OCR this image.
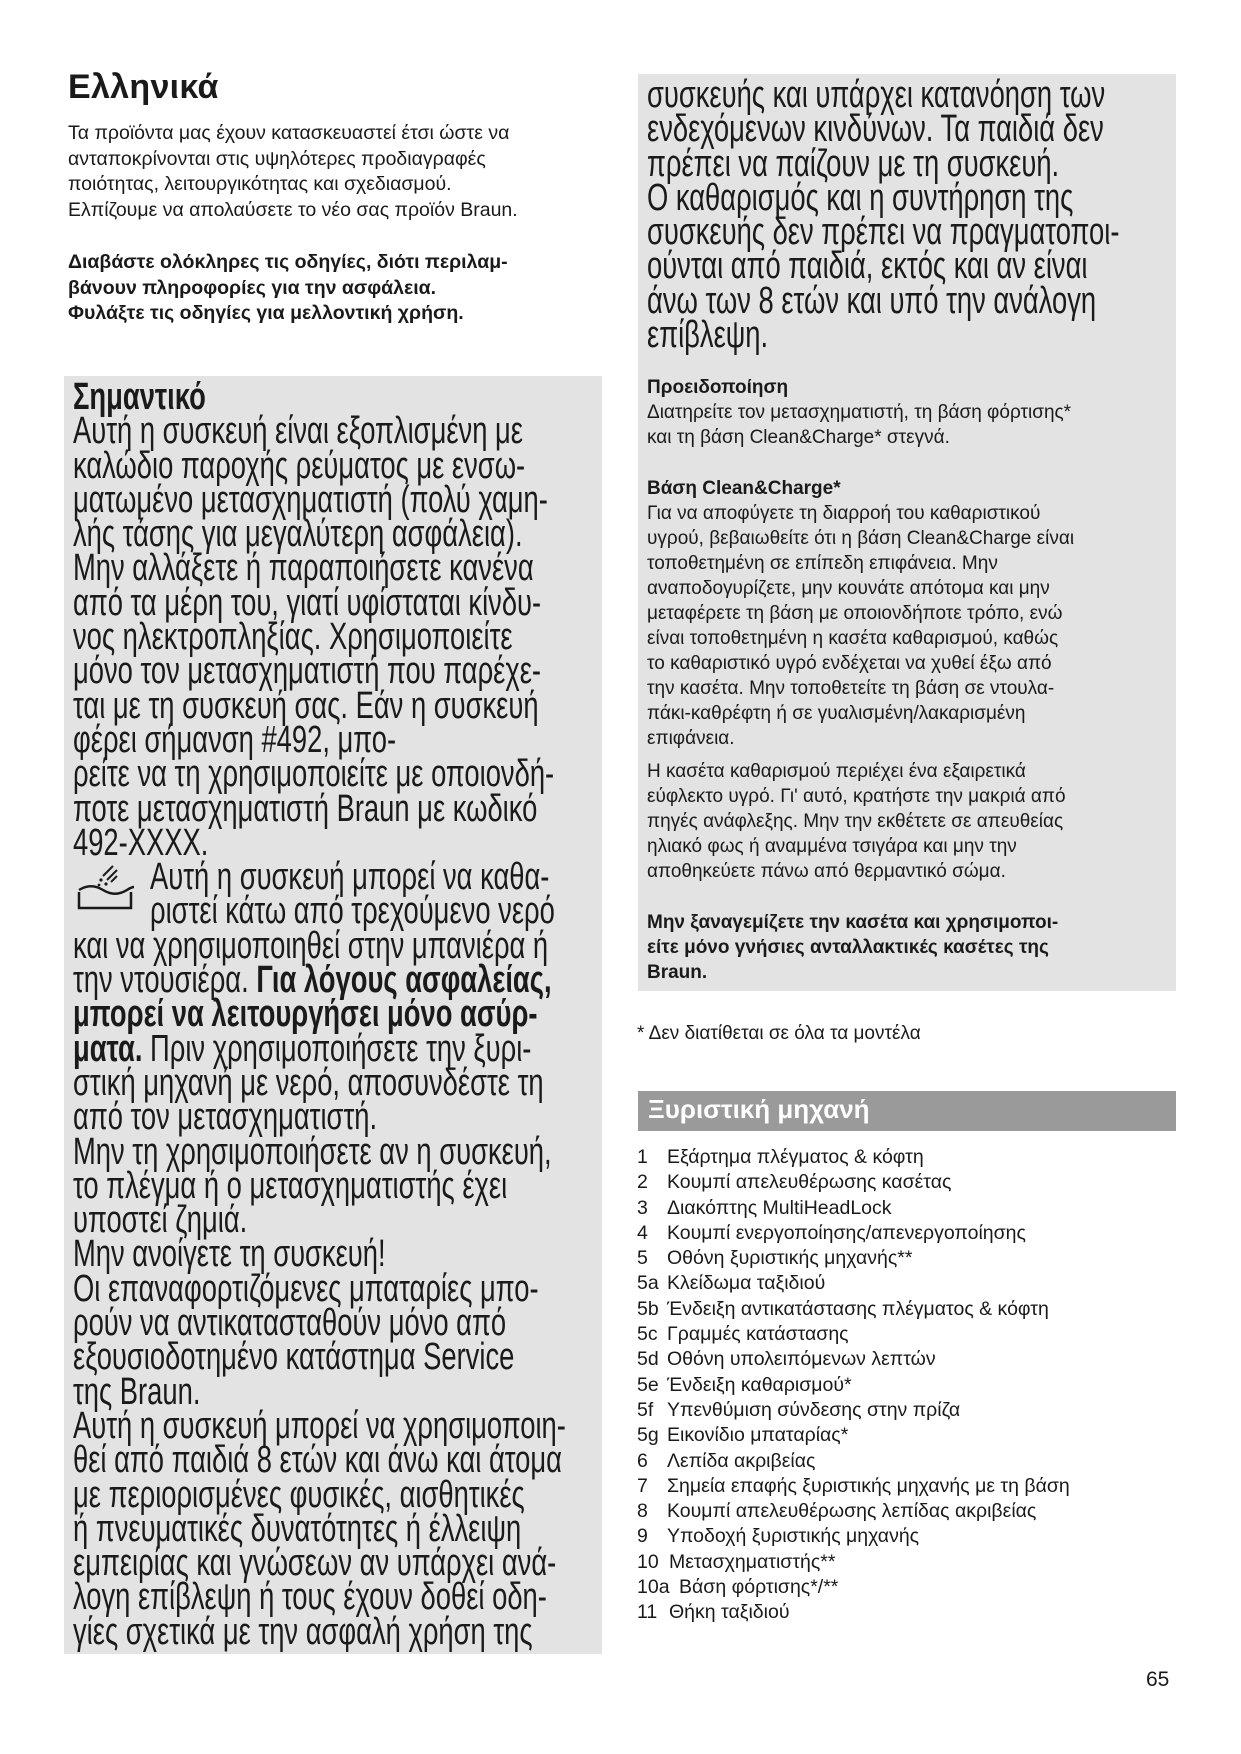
Ελληνικά
Τα προϊόντα μας έχουν κατασκευαστεί έτσι ώστε να
ανταποκρίνονται στις υψηλότερες προδιαγραφές
ποιότητας, λειτουργικότητας και σχεδιασμού.
Ελπίζουμε να απολαύσετε το νέο σας προϊόν Braun.
Διαβάστε ολόκληρες τις οδηγίες, διότι περιλαμ-
βάνουν πληροφορίες για την ασφάλεια.
Φυλάξτε τις οδηγίες για μελλοντική χρήση.

Σημαντικό

Αυτή η συσκευή είναι εξοπλισμένη με

καλώδιο παροχής ρεύματος με ενσω-

ματωμένο μετασχηματιστή (πολύ χαμη-

λής τάσης για μεγαλύτερη ασφάλεια).

Μην αλλάξετε ή παραποιήσετε κανένα

από τα μέρη του, γιατί υφίσταται κίνδυ-

νος ηλεκτροπληξίας. Χρησιμοποιείτε

μόνο τον μετασχηματιστή που παρέχε-

ται με τη συσκευή σας. Εάν η συσκευή

φέρει σήμανση #492, μπο-

ρείτε να τη χρησιμοποιείτε με οποιονδή-

ποτε μετασχηματιστή Braun με κωδικό

492-XXXX.

Αυτή η συσκευή μπορεί να καθα-

ριστεί κάτω από τρεχούμενο νερό

και να χρησιμοποιηθεί στην μπανιέρα ή

την ντουσιέρα. Για λόγους ασφαλείας,

μπορεί να λειτουργήσει μόνο ασύρ-

ματα. Πριν χρησιμοποιήσετε την ξυρι-

στική μηχανή με νερό, αποσυνδέστε τη

από τον μετασχηματιστή.

Μην τη χρησιμοποιήσετε αν η συσκευή,

το πλέγμα ή ο μετασχηματιστής έχει

υποστεί ζημιά.

Μην ανοίγετε τη συσκευή!

Οι επαναφορτιζόμενες μπαταρίες μπο-

ρούν να αντικατασταθούν μόνο από

εξουσιοδοτημένο κατάστημα Service

της Braun.

Αυτή η συσκευή μπορεί να χρησιμοποιη-

θεί από παιδιά 8 ετών και άνω και άτομα

με περιορισμένες φυσικές, αισθητικές

ή πνευματικές δυνατότητες ή έλλειψη

εμπειρίας και γνώσεων αν υπάρχει ανά-

λογη επίβλεψη ή τους έχουν δοθεί οδη-

γίες σχετικά με την ασφαλή χρήση της

συσκευής και υπάρχει κατανόηση των

ενδεχόμενων κινδύνων. Τα παιδιά δεν

πρέπει να παίζουν με τη συσκευή.

Ο καθαρισμός και η συντήρηση της

συσκευής δεν πρέπει να πραγματοποι-

ούνται από παιδιά, εκτός και αν είναι

άνω των 8 ετών και υπό την ανάλογη

επίβλεψη.

Προειδοποίηση
Διατηρείτε τον μετασχηματιστή, τη βάση φόρτισης*
και τη βάση Clean&Charge* στεγνά.
Βάση Clean&Charge*
Για να αποφύγετε τη διαρροή του καθαριστικού
υγρού, βεβαιωθείτε ότι η βάση Clean&Charge είναι
τοποθετημένη σε επίπεδη επιφάνεια. Μην
αναποδογυρίζετε, μην κουνάτε απότομα και μην
μεταφέρετε τη βάση με οποιονδήποτε τρόπο, ενώ
είναι τοποθετημένη η κασέτα καθαρισμού, καθώς
το καθαριστικό υγρό ενδέχεται να χυθεί έξω από
την κασέτα. Μην τοποθετείτε τη βάση σε ντουλα-
πάκι-καθρέφτη ή σε γυαλισμένη/λακαρισμένη
επιφάνεια.
Η κασέτα καθαρισμού περιέχει ένα εξαιρετικά
εύφλεκτο υγρό. Γι' αυτό, κρατήστε την μακριά από
πηγές ανάφλεξης. Μην την εκθέτετε σε απευθείας
ηλιακό φως ή αναμμένα τσιγάρα και μην την
αποθηκεύετε πάνω από θερμαντικό σώμα.
Μην ξαναγεμίζετε την κασέτα και χρησιμοποι-
είτε μόνο γνήσιες ανταλλακτικές κασέτες της
Braun.
* Δεν διατίθεται σε όλα τα μοντέλα
Ξυριστική μηχανή
1 Εξάρτημα πλέγματος & κόφτη
2 Κουμπί απελευθέρωσης κασέτας
3 Διακόπτης MultiHeadLock
4 Κουμπί ενεργοποίησης/απενεργοποίησης
5 Οθόνη ξυριστικής μηχανής**
5a Κλείδωμα ταξιδιού
5b Ένδειξη αντικατάστασης πλέγματος & κόφτη
5c Γραμμές κατάστασης
5d Οθόνη υπολειπόμενων λεπτών
5e Ένδειξη καθαρισμού*
5f Υπενθύμιση σύνδεσης στην πρίζα
5g Εικονίδιο μπαταρίας*
6 Λεπίδα ακριβείας
7 Σημεία επαφής ξυριστικής μηχανής με τη βάση
8 Κουμπί απελευθέρωσης λεπίδας ακριβείας
9 Υποδοχή ξυριστικής μηχανής
10 Μετασχηματιστής**
10a Βάση φόρτισης*/**
11 Θήκη ταξιδιού
65
